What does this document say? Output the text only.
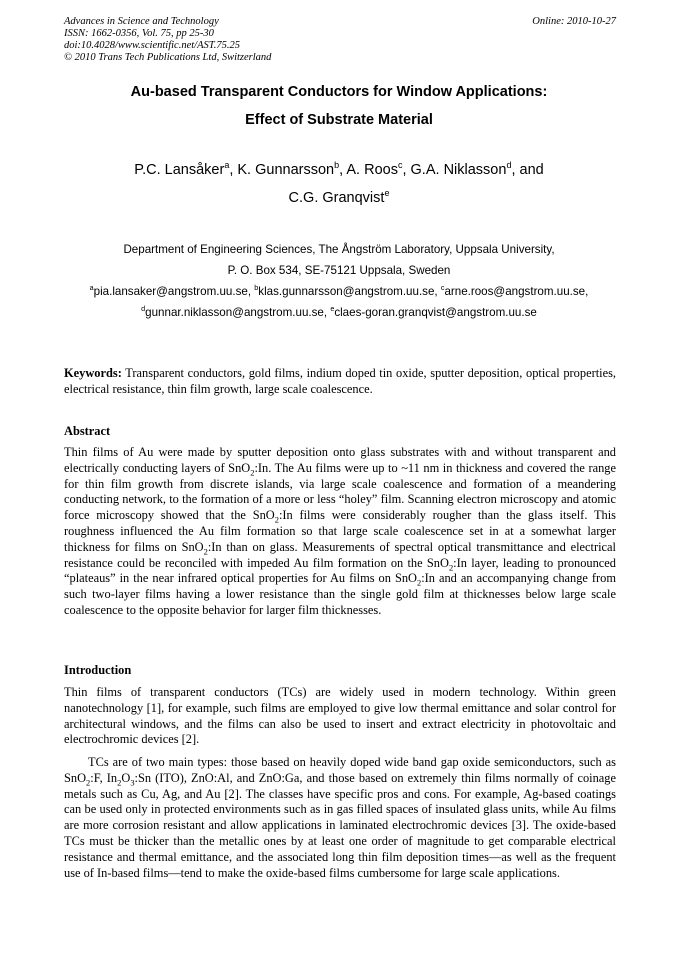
Advances in Science and Technology
ISSN: 1662-0356, Vol. 75, pp 25-30
doi:10.4028/www.scientific.net/AST.75.25
© 2010 Trans Tech Publications Ltd, Switzerland
Online: 2010-10-27
Au-based Transparent Conductors for Window Applications:
Effect of Substrate Material
P.C. Lansåker$^a$, K. Gunnarsson$^b$, A. Roos$^c$, G.A. Niklasson$^d$, and
C.G. Granqvist$^e$
Department of Engineering Sciences, The Ångström Laboratory, Uppsala University,
P. O. Box 534, SE-75121 Uppsala, Sweden
$^a$pia.lansaker@angstrom.uu.se, $^b$klas.gunnarsson@angstrom.uu.se, $^c$arne.roos@angstrom.uu.se,
$^d$gunnar.niklasson@angstrom.uu.se, $^e$claes-goran.granqvist@angstrom.uu.se
Keywords: Transparent conductors, gold films, indium doped tin oxide, sputter deposition, optical properties, electrical resistance, thin film growth, large scale coalescence.
Abstract
Thin films of Au were made by sputter deposition onto glass substrates with and without transparent and electrically conducting layers of SnO$_2$:In. The Au films were up to ~11 nm in thickness and covered the range for thin film growth from discrete islands, via large scale coalescence and formation of a meandering conducting network, to the formation of a more or less “holey” film. Scanning electron microscopy and atomic force microscopy showed that the SnO$_2$:In films were considerably rougher than the glass itself. This roughness influenced the Au film formation so that large scale coalescence set in at a somewhat larger thickness for films on SnO$_2$:In than on glass. Measurements of spectral optical transmittance and electrical resistance could be reconciled with impeded Au film formation on the SnO$_2$:In layer, leading to pronounced “plateaus” in the near infrared optical properties for Au films on SnO$_2$:In and an accompanying change from such two-layer films having a lower resistance than the single gold film at thicknesses below large scale coalescence to the opposite behavior for larger film thicknesses.
Introduction
Thin films of transparent conductors (TCs) are widely used in modern technology. Within green nanotechnology [1], for example, such films are employed to give low thermal emittance and solar control for architectural windows, and the films can also be used to insert and extract electricity in photovoltaic and electrochromic devices [2].
TCs are of two main types: those based on heavily doped wide band gap oxide semiconductors, such as SnO$_2$:F, $In_2O_3:Sn$ (ITO), ZnO:Al, and ZnO:Ga, and those based on extremely thin films normally of coinage metals such as Cu, Ag, and Au [2]. The classes have specific pros and cons. For example, Ag-based coatings can be used only in protected environments such as in gas filled spaces of insulated glass units, while Au films are more corrosion resistant and allow applications in laminated electrochromic devices [3]. The oxide-based TCs must be thicker than the metallic ones by at least one order of magnitude to get comparable electrical resistance and thermal emittance, and the associated long thin film deposition times—as well as the frequent use of In-based films—tend to make the oxide-based films cumbersome for large scale applications.
